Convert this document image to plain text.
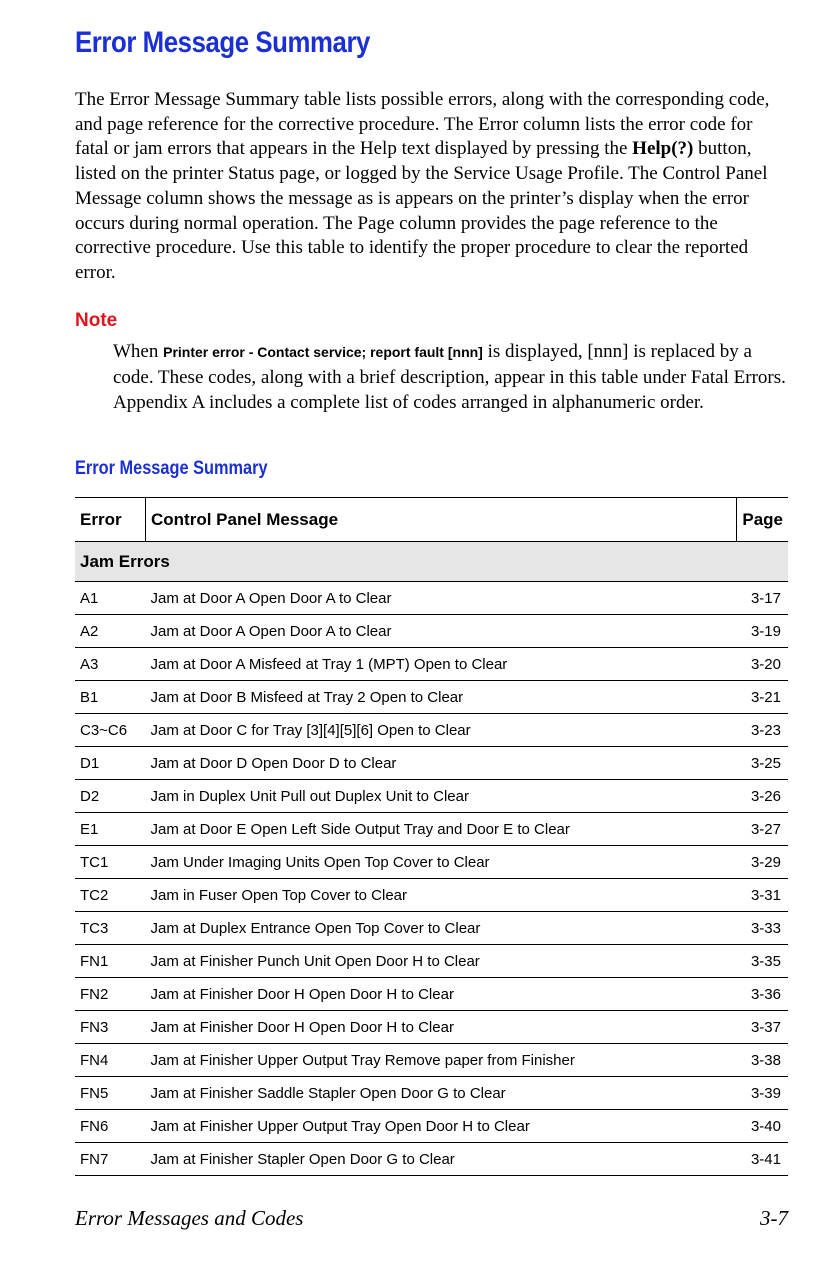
Error Message Summary

The Error Message Summary table lists possible errors, along with the corresponding code, and page reference for the corrective procedure. The Error column lists the error code for fatal or jam errors that appears in the Help text displayed by pressing the Help(?) button, listed on the printer Status page, or logged by the Service Usage Profile. The Control Panel Message column shows the message as is appears on the printer’s display when the error occurs during normal operation. The Page column provides the page reference to the corrective procedure. Use this table to identify the proper procedure to clear the reported error.

Note

When Printer error - Contact service; report fault [nnn] is displayed, [nnn] is replaced by a code. These codes, along with a brief description, appear in this table under Fatal Errors. Appendix A includes a complete list of codes arranged in alphanumeric order.

Error Message Summary
Error	Control Panel Message	Page
Jam Errors		
A1	Jam at Door A Open Door A to Clear	3-17
A2	Jam at Door A Open Door A to Clear	3-19
A3	Jam at Door A Misfeed at Tray 1 (MPT) Open to Clear	3-20
B1	Jam at Door B Misfeed at Tray 2 Open to Clear	3-21
C3~C6	Jam at Door C for Tray [3][4][5][6] Open to Clear	3-23
D1	Jam at Door D Open Door D to Clear	3-25
D2	Jam in Duplex Unit Pull out Duplex Unit to Clear	3-26
E1	Jam at Door E Open Left Side Output Tray and Door E to Clear	3-27
TC1	Jam Under Imaging Units Open Top Cover to Clear	3-29
TC2	Jam in Fuser Open Top Cover to Clear	3-31
TC3	Jam at Duplex Entrance Open Top Cover to Clear	3-33
FN1	Jam at Finisher Punch Unit Open Door H to Clear	3-35
FN2	Jam at Finisher Door H Open Door H to Clear	3-36
FN3	Jam at Finisher Door H Open Door H to Clear	3-37
FN4	Jam at Finisher Upper Output Tray Remove paper from Finisher	3-38
FN5	Jam at Finisher Saddle Stapler Open Door G to Clear	3-39
FN6	Jam at Finisher Upper Output Tray Open Door H to Clear	3-40
FN7	Jam at Finisher Stapler Open Door G to Clear	3-41
Error Messages and Codes	3-7
